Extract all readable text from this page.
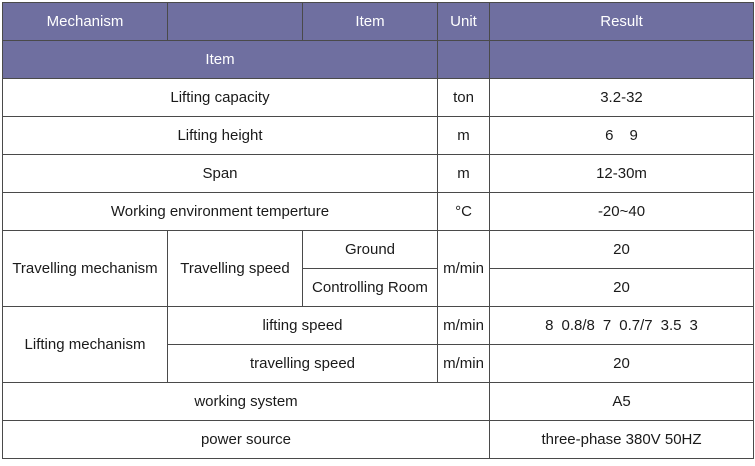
Mechanism		Item	Unit	Result
Item				
Lifting capacity			ton	3.2-32
Lifting height			m	6 9
Span			m	12-30m
Working environment temperture			°C	-20~40
Travelling mechanism	Travelling speed	Ground	m/min	20
		Controlling Room		20
Lifting mechanism	lifting speed		m/min	8 0.8/8 7 0.7/7 3.5 3
	travelling speed		m/min	20
working system				A5
power source				three-phase 380V 50HZ
